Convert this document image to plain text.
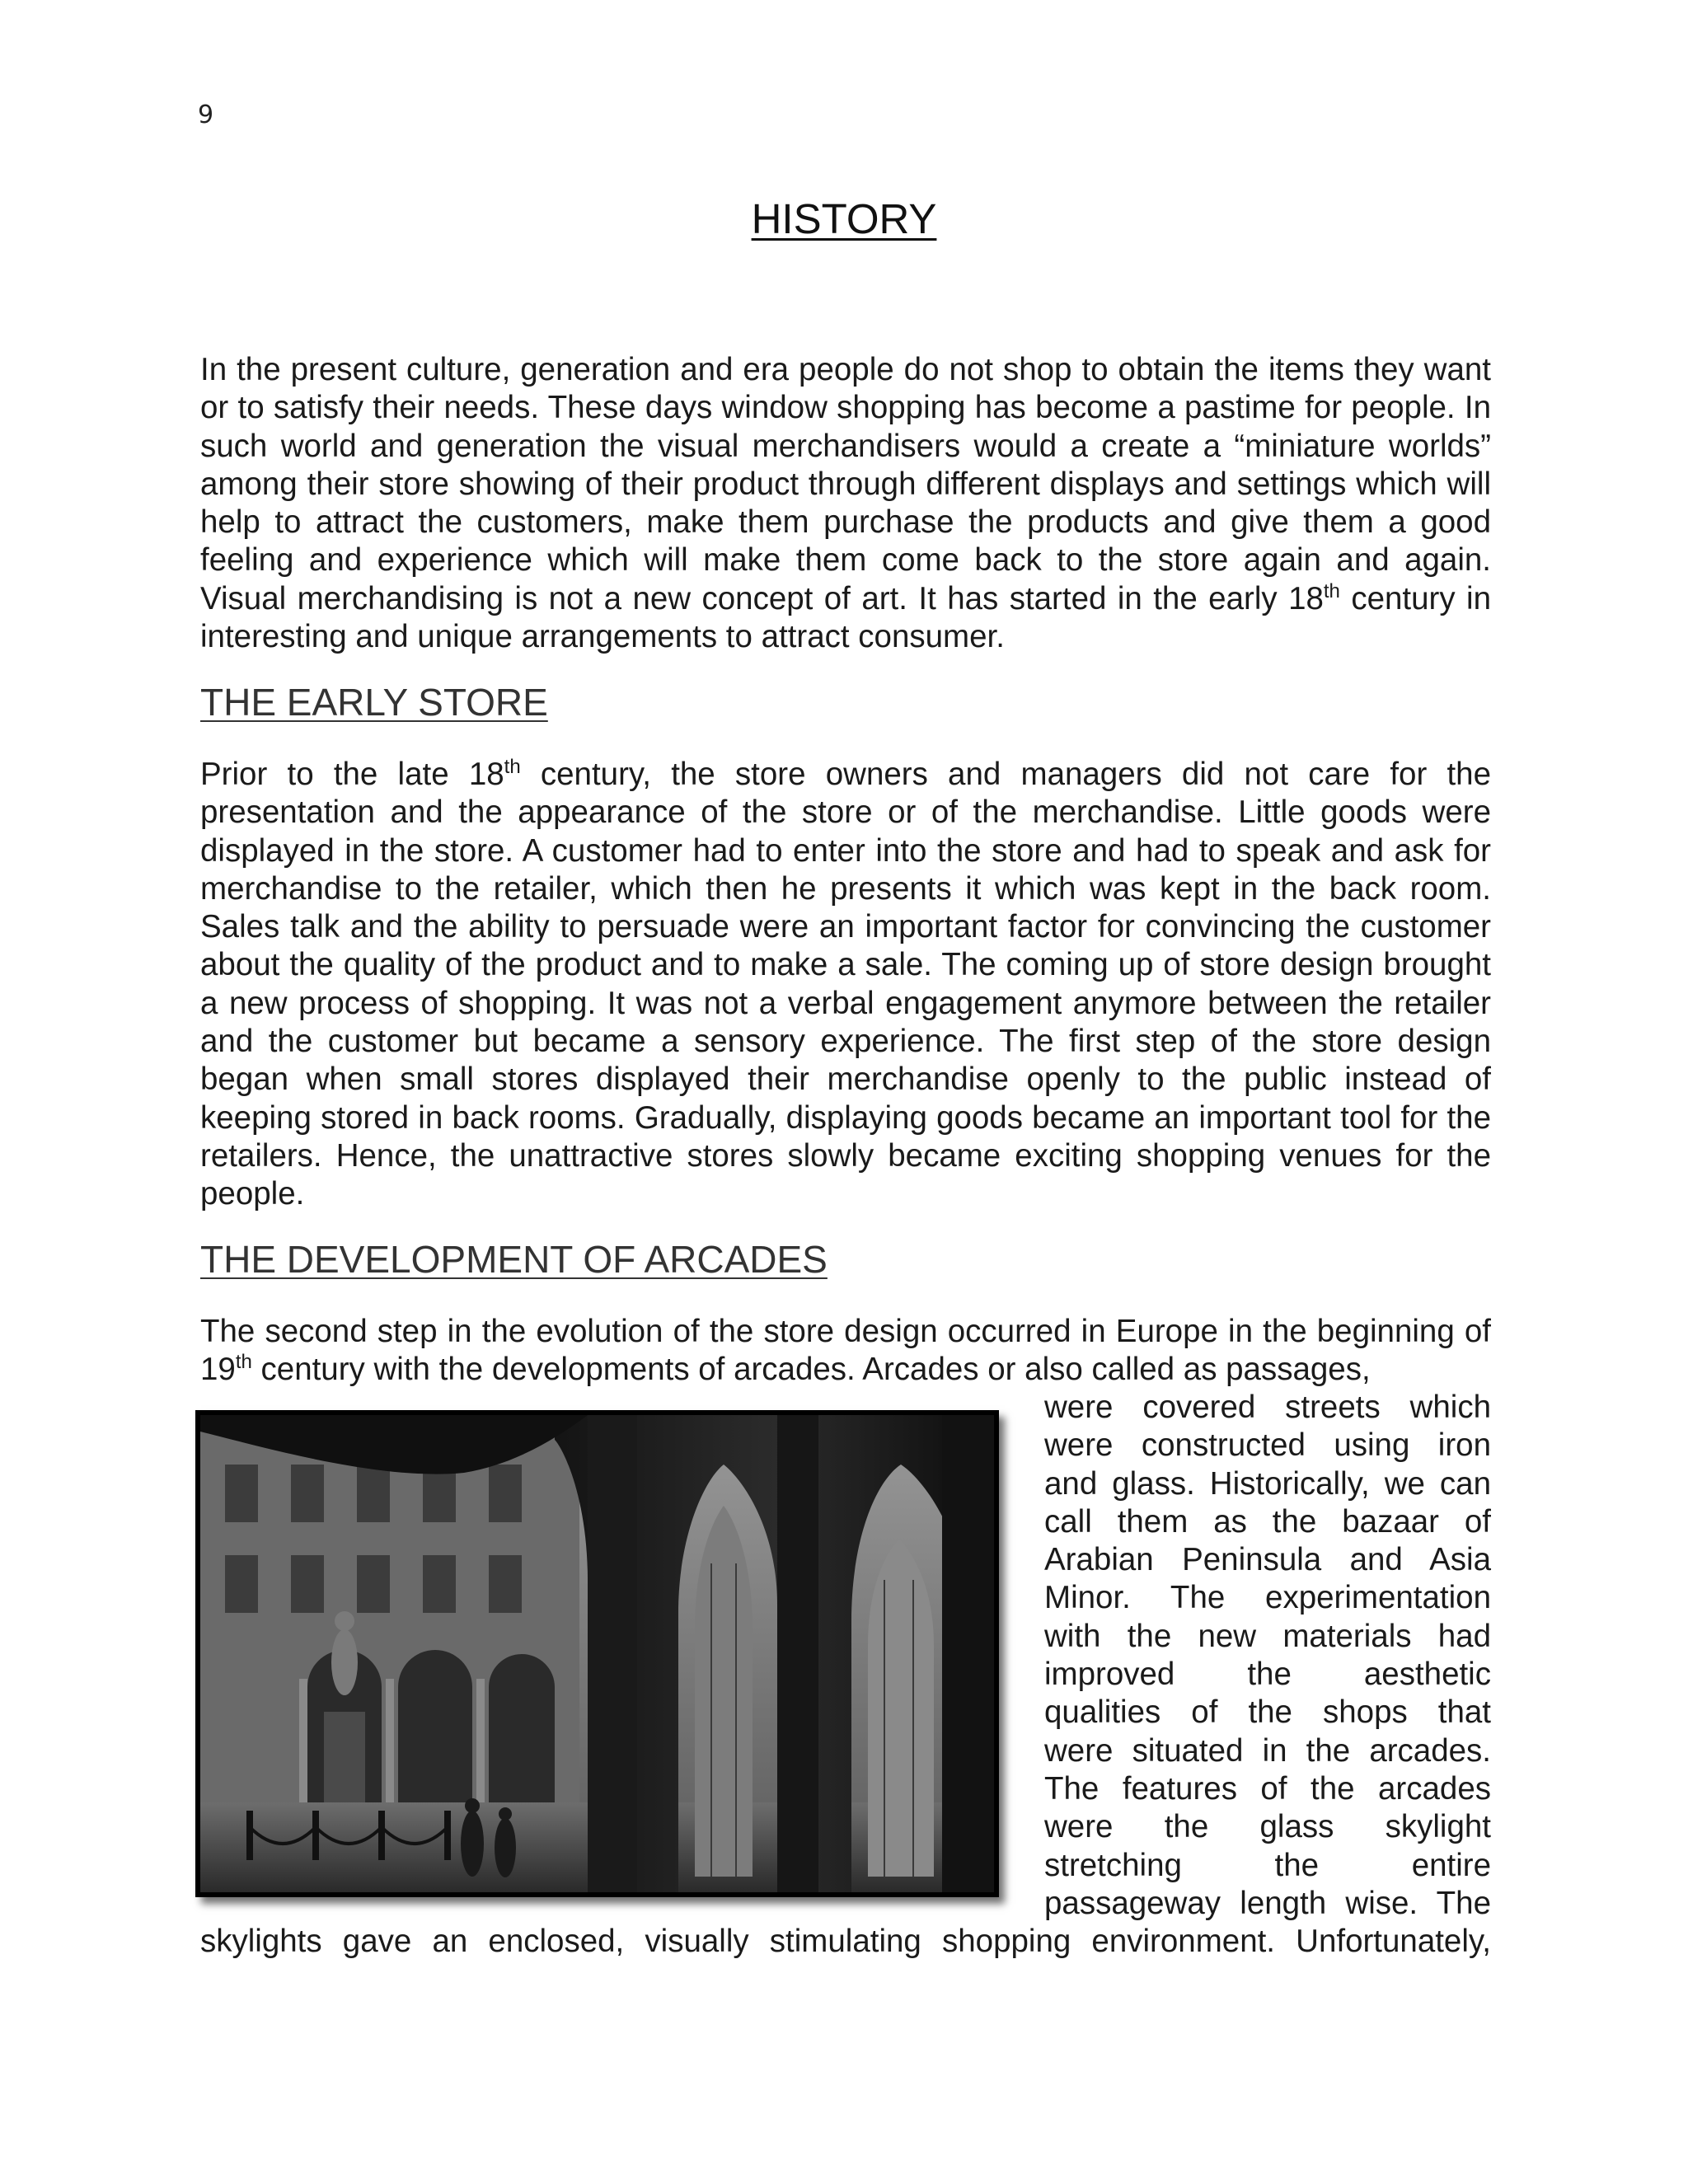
9
HISTORY

In the present culture, generation and era people do not shop to obtain the items they want or to satisfy their needs. These days window shopping has become a pastime for people. In such world and generation the visual merchandisers would a create a “miniature worlds” among their store showing of their product through different displays and settings which will help to attract the customers, make them purchase the products and give them a good feeling and experience which will make them come back to the store again and again. Visual merchandising is not a new concept of art. It has started in the early 18th century in interesting and unique arrangements to attract consumer.

THE EARLY STORE

Prior to the late 18th century, the store owners and managers did not care for the presentation and the appearance of the store or of the merchandise. Little goods were displayed in the store. A customer had to enter into the store and had to speak and ask for merchandise to the retailer, which then he presents it which was kept in the back room. Sales talk and the ability to persuade were an important factor for convincing the customer about the quality of the product and to make a sale. The coming up of store design brought a new process of shopping. It was not a verbal engagement anymore between the retailer and the customer but became a sensory experience. The first step of the store design began when small stores displayed their merchandise openly to the public instead of keeping stored in back rooms. Gradually, displaying goods became an important tool for the retailers. Hence, the unattractive stores slowly became exciting shopping venues for the people.

THE DEVELOPMENT OF ARCADES

The second step in the evolution of the store design occurred in Europe in the beginning of 19th century with the developments of arcades. Arcades or also called as passages,

were covered streets which
were constructed using iron
and glass. Historically, we can
call them as the bazaar of
Arabian Peninsula and Asia
Minor. The experimentation
with the new materials had
improved the aesthetic
qualities of the shops that
were situated in the arcades.
The features of the arcades
were the glass skylight
stretching the entire
passageway length wise. The

skylights gave an enclosed, visually stimulating shopping environment. Unfortunately,
